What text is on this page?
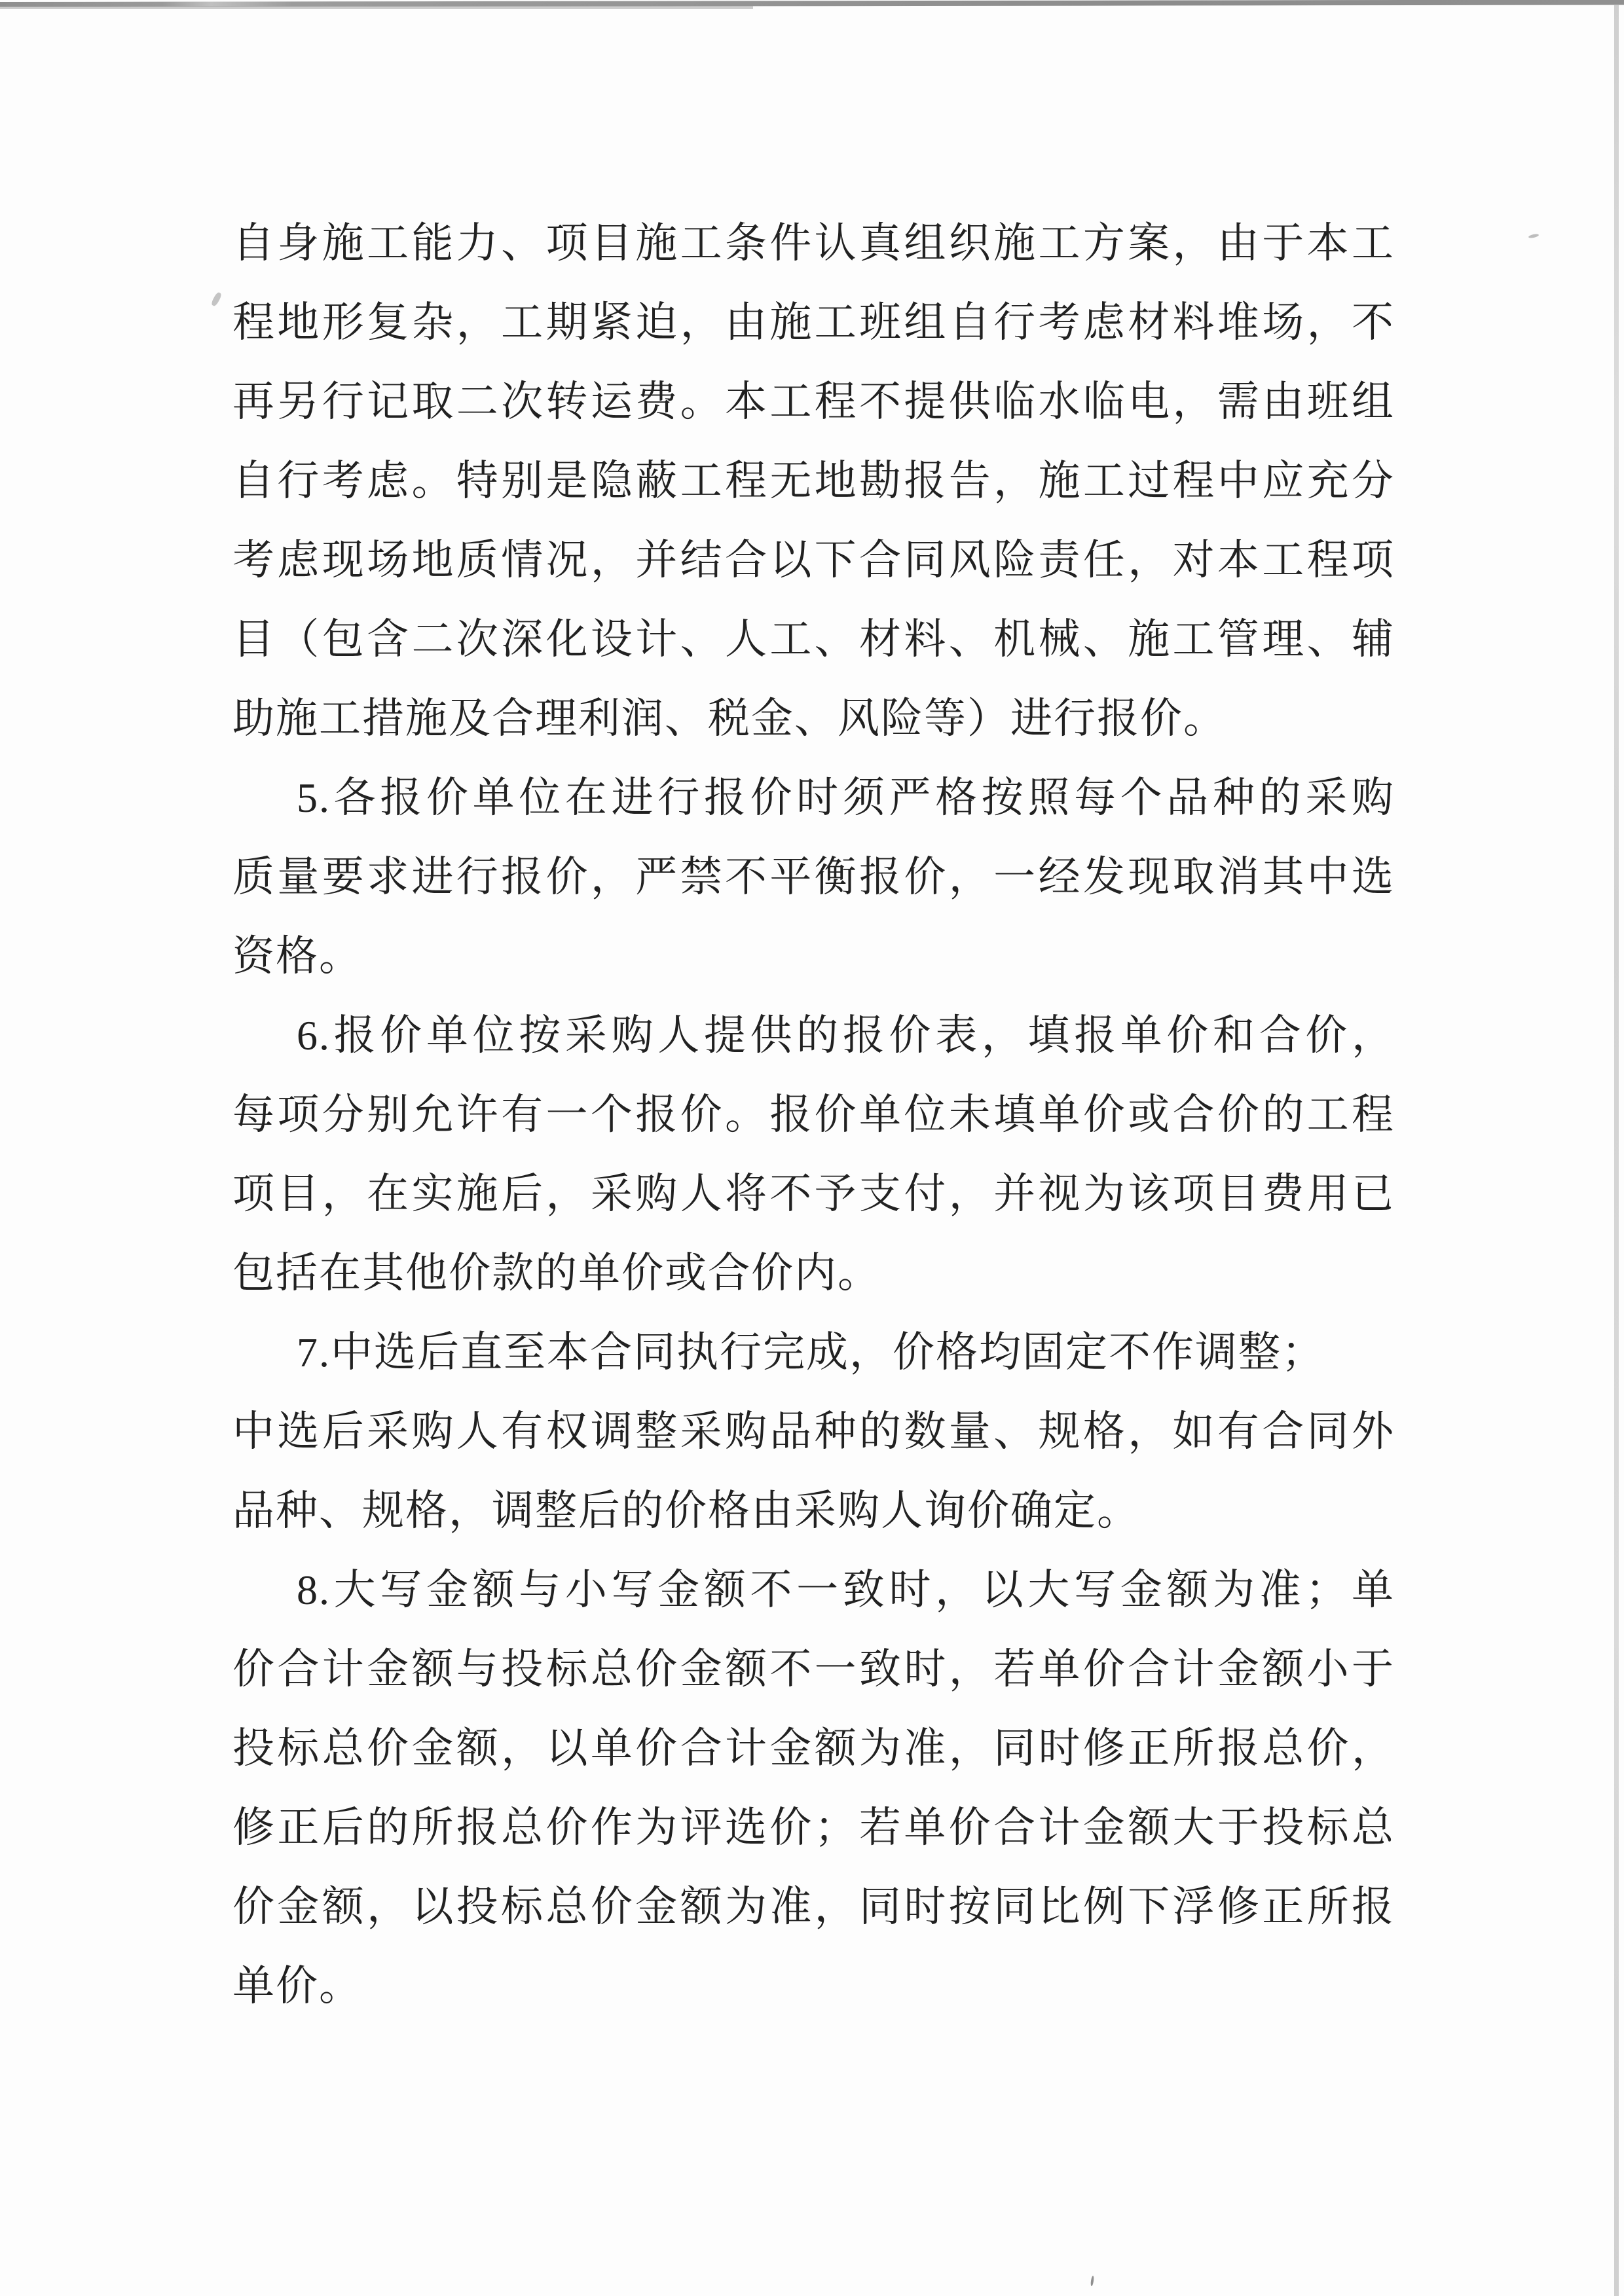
自身施工能力、项目施工条件认真组织施工方案，由于本工
程地形复杂，工期紧迫，由施工班组自行考虑材料堆场，不
再另行记取二次转运费。本工程不提供临水临电，需由班组
自行考虑。特别是隐蔽工程无地勘报告，施工过程中应充分
考虑现场地质情况，并结合以下合同风险责任，对本工程项
目（包含二次深化设计、人工、材料、机械、施工管理、辅
助施工措施及合理利润、税金、风险等）进行报价。
5.各报价单位在进行报价时须严格按照每个品种的采购
质量要求进行报价，严禁不平衡报价，一经发现取消其中选
资格。
6.报价单位按采购人提供的报价表，填报单价和合价，
每项分别允许有一个报价。报价单位未填单价或合价的工程
项目，在实施后，采购人将不予支付，并视为该项目费用已
包括在其他价款的单价或合价内。
7.中选后直至本合同执行完成，价格均固定不作调整；
中选后采购人有权调整采购品种的数量、规格，如有合同外
品种、规格，调整后的价格由采购人询价确定。
8.大写金额与小写金额不一致时，以大写金额为准；单
价合计金额与投标总价金额不一致时，若单价合计金额小于
投标总价金额，以单价合计金额为准，同时修正所报总价，
修正后的所报总价作为评选价；若单价合计金额大于投标总
价金额，以投标总价金额为准，同时按同比例下浮修正所报
单价。
